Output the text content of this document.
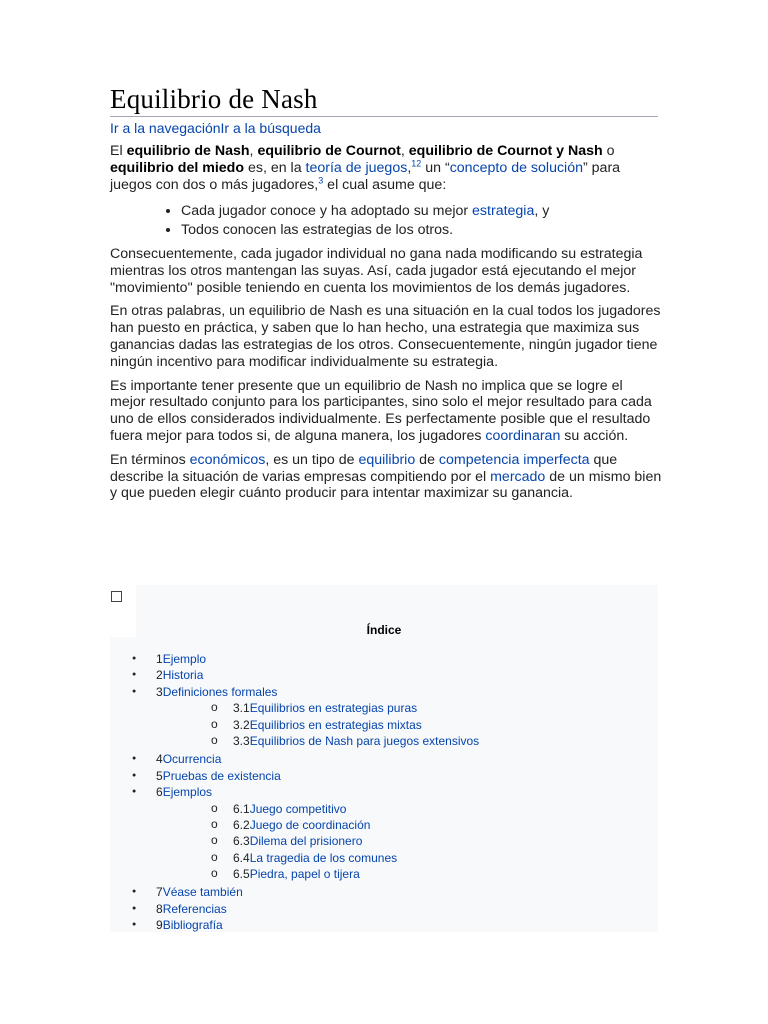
Equilibrio de Nash
Ir a la navegaciónIr a la búsqueda

El equilibrio de Nash, equilibrio de Cournot, equilibrio de Cournot y Nash o equilibrio del miedo es, en la teoría de juegos,$^{12}$ un “concepto de solución” para juegos con dos o más jugadores,$^3$ el cual asume que:

• Cada jugador conoce y ha adoptado su mejor estrategia, y
• Todos conocen las estrategias de los otros.

Consecuentemente, cada jugador individual no gana nada modificando su estrategia mientras los otros mantengan las suyas. Así, cada jugador está ejecutando el mejor "movimiento" posible teniendo en cuenta los movimientos de los demás jugadores.

En otras palabras, un equilibrio de Nash es una situación en la cual todos los jugadores han puesto en práctica, y saben que lo han hecho, una estrategia que maximiza sus ganancias dadas las estrategias de los otros. Consecuentemente, ningún jugador tiene ningún incentivo para modificar individualmente su estrategia.

Es importante tener presente que un equilibrio de Nash no implica que se logre el mejor resultado conjunto para los participantes, sino solo el mejor resultado para cada uno de ellos considerados individualmente. Es perfectamente posible que el resultado fuera mejor para todos si, de alguna manera, los jugadores coordinaran su acción.

En términos económicos, es un tipo de equilibrio de competencia imperfecta que describe la situación de varias empresas compitiendo por el mercado de un mismo bien y que pueden elegir cuánto producir para intentar maximizar su ganancia.

Índice
● 1Ejemplo
● 2Historia
● 3Definiciones formales
o 3.1Equilibrios en estrategias puras
o 3.2Equilibrios en estrategias mixtas
o 3.3Equilibrios de Nash para juegos extensivos
● 4Ocurrencia
● 5Pruebas de existencia
● 6Ejemplos
o 6.1Juego competitivo
o 6.2Juego de coordinación
o 6.3Dilema del prisionero
o 6.4La tragedia de los comunes
o 6.5Piedra, papel o tijera
● 7Véase también
● 8Referencias
● 9Bibliografía
